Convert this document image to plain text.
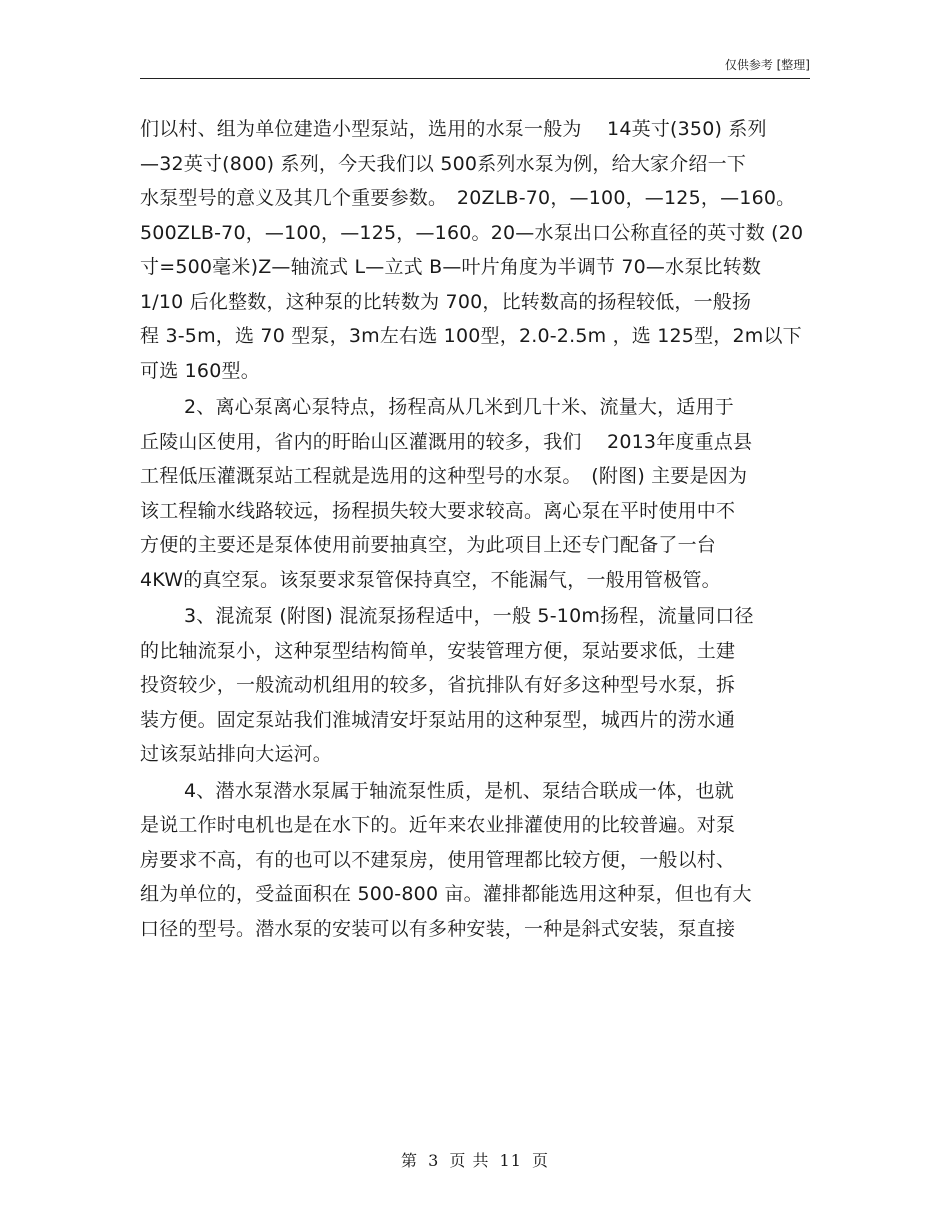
仅供参考 [整理]
们以村、组为单位建造小型泵站，选用的水泵一般为　 14英寸(350) 系列
—32英寸(800) 系列，今天我们以 500系列水泵为例，给大家介绍一下
水泵型号的意义及其几个重要参数。　20ZLB-70，—100，—125，—160。
500ZLB-70，—100，—125，—160。20—水泵出口公称直径的英寸数 (20
寸=500毫米)Z—轴流式 L—立式 B—叶片角度为半调节 70—水泵比转数
1/10 后化整数，这种泵的比转数为 700，比转数高的扬程较低，一般扬
程 3-5m，选 70 型泵，3m左右选 100型，2.0-2.5m ，选 125型，2m以下
可选 160型。
2、离心泵离心泵特点，扬程高从几米到几十米、流量大，适用于
丘陵山区使用，省内的盱眙山区灌溉用的较多，我们　 2013年度重点县
工程低压灌溉泵站工程就是选用的这种型号的水泵。　(附图) 主要是因为
该工程输水线路较远，扬程损失较大要求较高。离心泵在平时使用中不
方便的主要还是泵体使用前要抽真空，为此项目上还专门配备了一台
4KW的真空泵。该泵要求泵管保持真空，不能漏气，一般用管极管。
3、混流泵 (附图) 混流泵扬程适中，一般 5-10m扬程，流量同口径
的比轴流泵小，这种泵型结构简单，安装管理方便，泵站要求低，土建
投资较少，一般流动机组用的较多，省抗排队有好多这种型号水泵，拆
装方便。固定泵站我们淮城清安圩泵站用的这种泵型，城西片的涝水通
过该泵站排向大运河。
4、潜水泵潜水泵属于轴流泵性质，是机、泵结合联成一体，也就
是说工作时电机也是在水下的。近年来农业排灌使用的比较普遍。对泵
房要求不高，有的也可以不建泵房，使用管理都比较方便，一般以村、
组为单位的，受益面积在 500-800 亩。灌排都能选用这种泵，但也有大
口径的型号。潜水泵的安装可以有多种安装，一种是斜式安装，泵直接
第 3 页 共 11 页
